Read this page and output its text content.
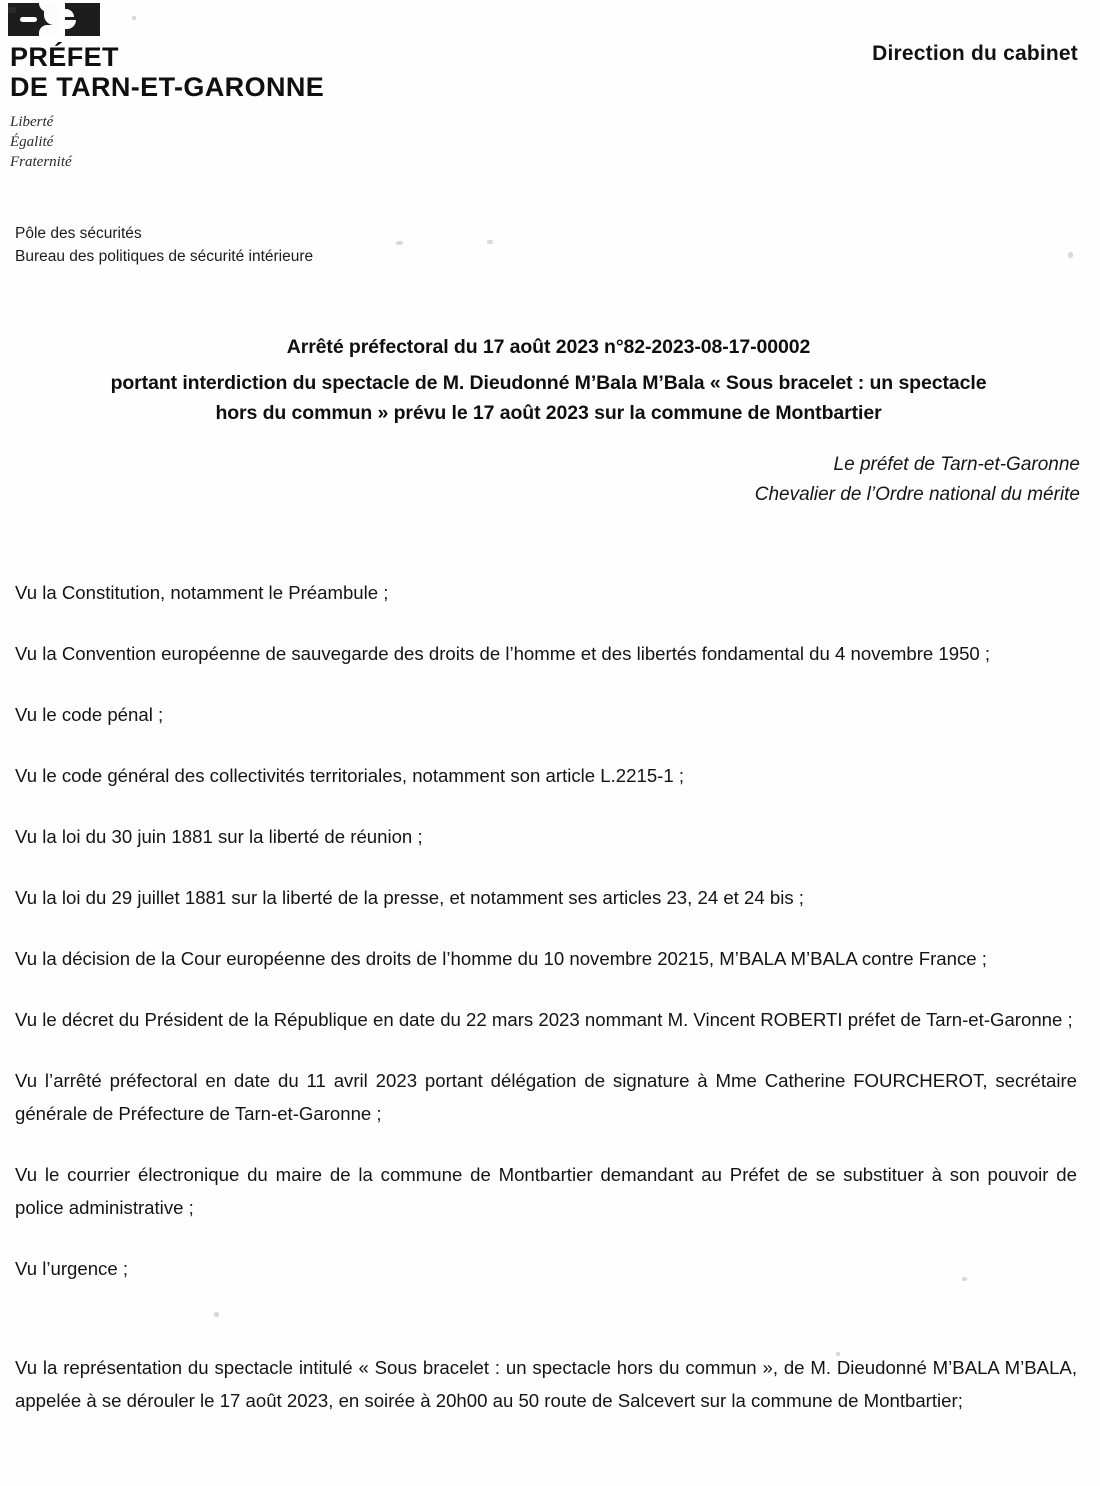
PRÉFET
DE TARN-ET-GARONNE
Liberté
Égalité
Fraternité
Direction du cabinet
Pôle des sécurités
Bureau des politiques de sécurité intérieure
Arrêté préfectoral du 17 août 2023 n°82-2023-08-17-00002
portant interdiction du spectacle de M. Dieudonné M’Bala M’Bala « Sous bracelet : un spectacle
hors du commun » prévu le 17 août 2023 sur la commune de Montbartier
Le préfet de Tarn-et-Garonne
Chevalier de l’Ordre national du mérite

Vu la Constitution, notamment le Préambule ;

Vu la Convention européenne de sauvegarde des droits de l’homme et des libertés fondamental du 4 novembre 1950 ;

Vu le code pénal ;

Vu le code général des collectivités territoriales, notamment son article L.2215-1 ;

Vu la loi du 30 juin 1881 sur la liberté de réunion ;

Vu la loi du 29 juillet 1881 sur la liberté de la presse, et notamment ses articles 23, 24 et 24 bis ;

Vu la décision de la Cour européenne des droits de l’homme du 10 novembre 20215, M’BALA M’BALA contre France ;

Vu le décret du Président de la République en date du 22 mars 2023 nommant M. Vincent ROBERTI préfet de Tarn-et-Garonne ;

Vu l’arrêté préfectoral en date du 11 avril 2023 portant délégation de signature à Mme Catherine FOURCHEROT, secrétaire générale de Préfecture de Tarn-et-Garonne ;

Vu le courrier électronique du maire de la commune de Montbartier demandant au Préfet de se substituer à son pouvoir de police administrative ;

Vu l’urgence ;

Vu la représentation du spectacle intitulé « Sous bracelet : un spectacle hors du commun », de M. Dieudonné M’BALA M’BALA, appelée à se dérouler le 17 août 2023, en soirée à 20h00 au 50 route de Salcevert sur la commune de Montbartier;
